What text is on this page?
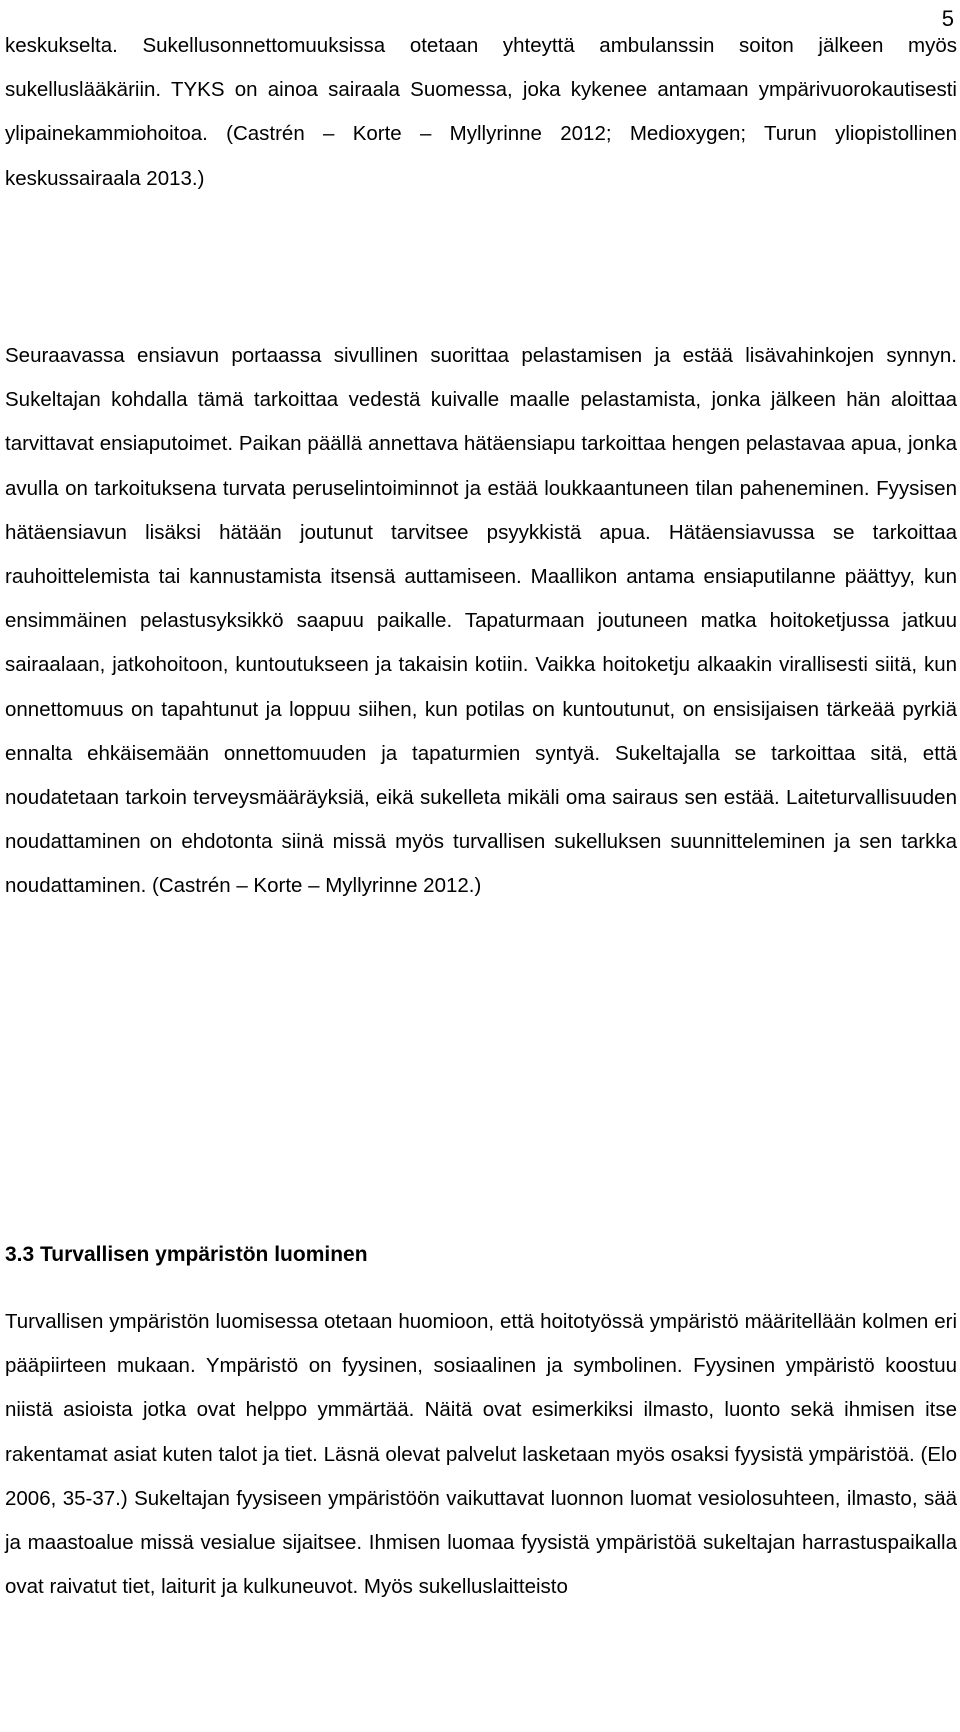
5

keskukselta. Sukellusonnettomuuksissa otetaan yhteyttä ambulanssin soiton jälkeen myös sukelluslääkäriin. TYKS on ainoa sairaala Suomessa, joka kykenee antamaan ympärivuorokautisesti ylipainekammiohoitoa. (Castrén – Korte – Myllyrinne 2012; Medioxygen; Turun yliopistollinen keskussairaala 2013.)

Seuraavassa ensiavun portaassa sivullinen suorittaa pelastamisen ja estää lisävahinkojen synnyn. Sukeltajan kohdalla tämä tarkoittaa vedestä kuivalle maalle pelastamista, jonka jälkeen hän aloittaa tarvittavat ensiaputoimet. Paikan päällä annettava hätäensiapu tarkoittaa hengen pelastavaa apua, jonka avulla on tarkoituksena turvata peruselintoiminnot ja estää loukkaantuneen tilan paheneminen. Fyysisen hätäensiavun lisäksi hätään joutunut tarvitsee psyykkistä apua. Hätäensiavussa se tarkoittaa rauhoittelemista tai kannustamista itsensä auttamiseen. Maallikon antama ensiaputilanne päättyy, kun ensimmäinen pelastusyksikkö saapuu paikalle. Tapaturmaan joutuneen matka hoitoketjussa jatkuu sairaalaan, jatkohoitoon, kuntoutukseen ja takaisin kotiin. Vaikka hoitoketju alkaakin virallisesti siitä, kun onnettomuus on tapahtunut ja loppuu siihen, kun potilas on kuntoutunut, on ensisijaisen tärkeää pyrkiä ennalta ehkäisemään onnettomuuden ja tapaturmien syntyä. Sukeltajalla se tarkoittaa sitä, että noudatetaan tarkoin terveysmääräyksiä, eikä sukelleta mikäli oma sairaus sen estää. Laiteturvallisuuden noudattaminen on ehdotonta siinä missä myös turvallisen sukelluksen suunnitteleminen ja sen tarkka noudattaminen. (Castrén – Korte – Myllyrinne 2012.)

3.3 Turvallisen ympäristön luominen

Turvallisen ympäristön luomisessa otetaan huomioon, että hoitotyössä ympäristö määritellään kolmen eri pääpiirteen mukaan. Ympäristö on fyysinen, sosiaalinen ja symbolinen. Fyysinen ympäristö koostuu niistä asioista jotka ovat helppo ymmärtää. Näitä ovat esimerkiksi ilmasto, luonto sekä ihmisen itse rakentamat asiat kuten talot ja tiet. Läsnä olevat palvelut lasketaan myös osaksi fyysistä ympäristöä. (Elo 2006, 35-37.) Sukeltajan fyysiseen ympäristöön vaikuttavat luonnon luomat vesiolosuhteen, ilmasto, sää ja maastoalue missä vesialue sijaitsee. Ihmisen luomaa fyysistä ympäristöä sukeltajan harrastuspaikalla ovat raivatut tiet, laiturit ja kulkuneuvot. Myös sukelluslaitteisto
